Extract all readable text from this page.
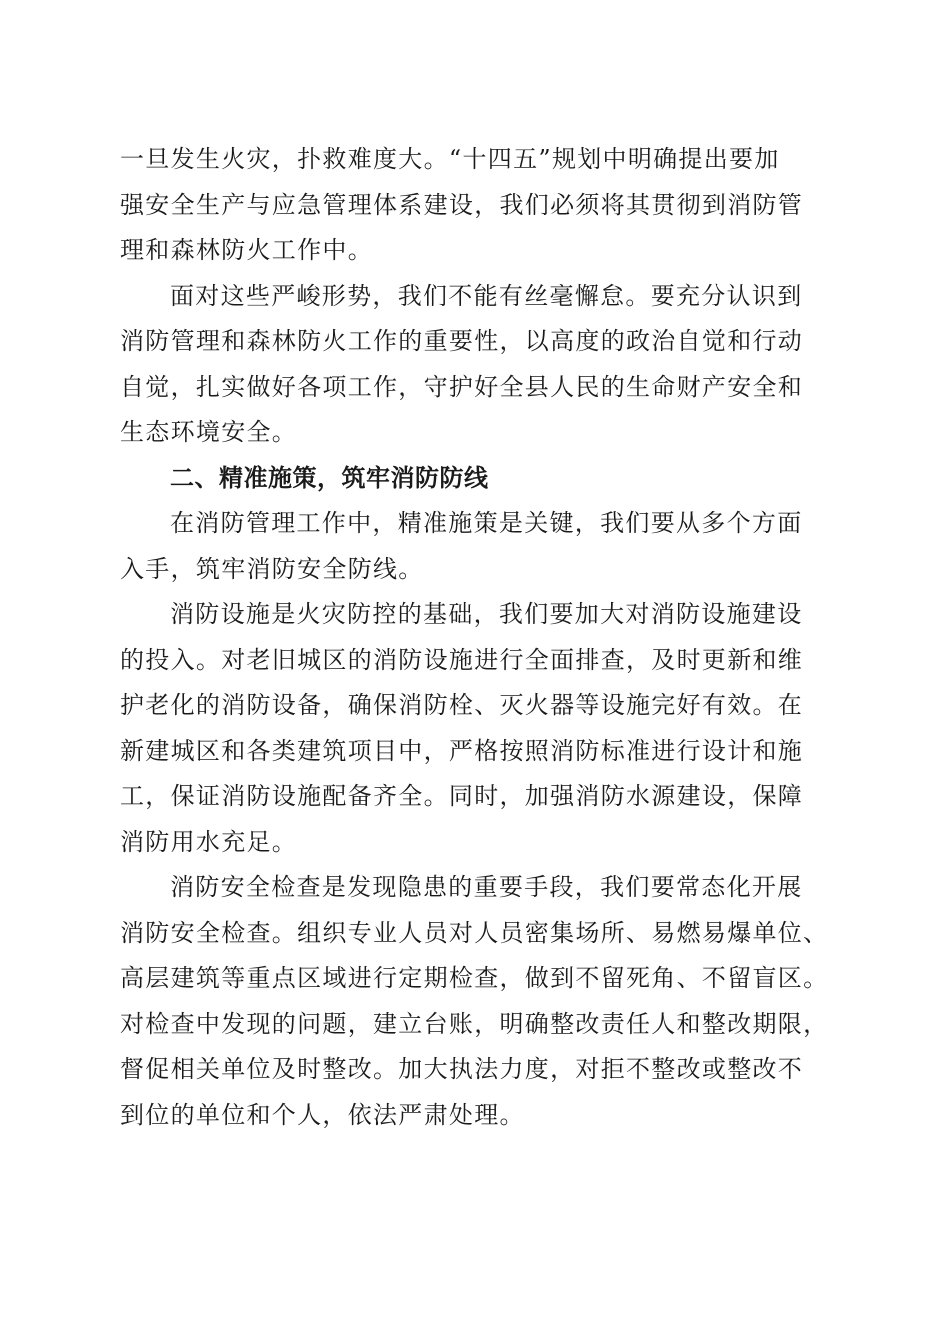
一旦发生火灾，扑救难度大。“十四五”规划中明确提出要加
强安全生产与应急管理体系建设，我们必须将其贯彻到消防管
理和森林防火工作中。
面对这些严峻形势，我们不能有丝毫懈怠。要充分认识到
消防管理和森林防火工作的重要性，以高度的政治自觉和行动
自觉，扎实做好各项工作，守护好全县人民的生命财产安全和
生态环境安全。
二、精准施策，筑牢消防防线
在消防管理工作中，精准施策是关键，我们要从多个方面
入手，筑牢消防安全防线。
消防设施是火灾防控的基础，我们要加大对消防设施建设
的投入。对老旧城区的消防设施进行全面排查，及时更新和维
护老化的消防设备，确保消防栓、灭火器等设施完好有效。在
新建城区和各类建筑项目中，严格按照消防标准进行设计和施
工，保证消防设施配备齐全。同时，加强消防水源建设，保障
消防用水充足。
消防安全检查是发现隐患的重要手段，我们要常态化开展
消防安全检查。组织专业人员对人员密集场所、易燃易爆单位、
高层建筑等重点区域进行定期检查，做到不留死角、不留盲区。
对检查中发现的问题，建立台账，明确整改责任人和整改期限，
督促相关单位及时整改。加大执法力度，对拒不整改或整改不
到位的单位和个人，依法严肃处理。
